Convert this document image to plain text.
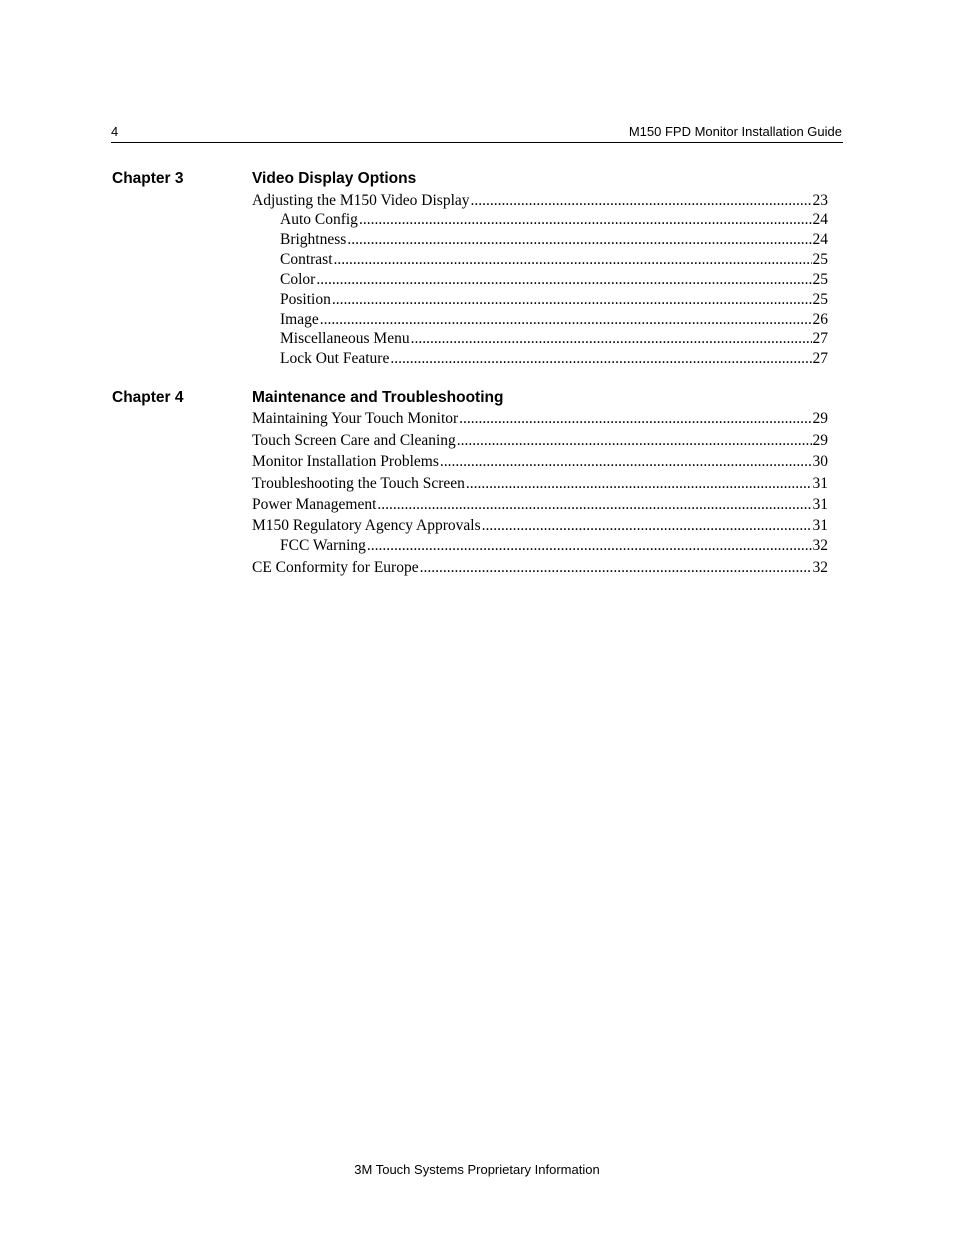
4	M150 FPD Monitor Installation Guide
Chapter 3	Video Display Options
Adjusting the M150 Video Display .....	23
Auto Config .....	24
Brightness .....	24
Contrast .....	25
Color .....	25
Position .....	25
Image .....	26
Miscellaneous Menu .....	27
Lock Out Feature .....	27
Chapter 4	Maintenance and Troubleshooting
Maintaining Your Touch Monitor .....	29
Touch Screen Care and Cleaning .....	29
Monitor Installation Problems .....	30
Troubleshooting the Touch Screen .....	31
Power Management .....	31
M150 Regulatory Agency Approvals .....	31
FCC Warning .....	32
CE Conformity for Europe .....	32
3M Touch Systems Proprietary Information
